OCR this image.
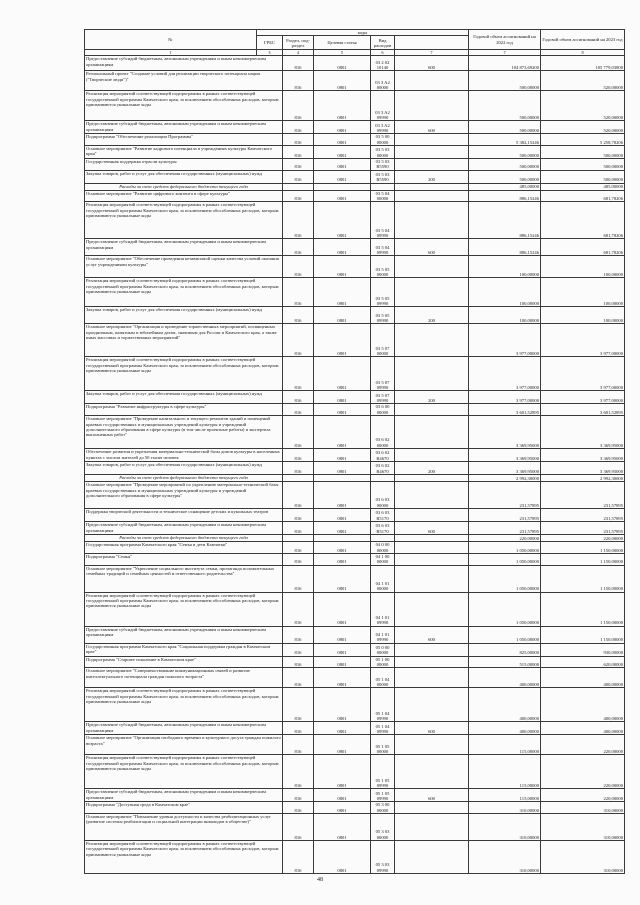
№	коды					Годовой объем ассигнований на 2022 год	Годовой объем ассигнований на 2023 год
	ГРБС	Раздел, под-раздел	Целевая статья	Вид расходов			
1	3	4	5	6	7	7	8
Предоставление субсидий бюджетным, автономным учреждениям и иным некоммерческим организациям		816	0801	03 2 02 10140	600	104 873,69200	105 779,03800
Региональный проект "Создание условий для реализации творческого потенциала нации ("Творческие люди")"		816	0801	03 3 A2 00000		500,00000	520,00000
Реализация мероприятий соответствующей подпрограммы в рамках соответствующей государственной программы Камчатского края, за исключением обособленных расходов, которым присваиваются уникальные коды		816	0801	03 3 A2 09990		500,00000	520,00000
Предоставление субсидий бюджетным, автономным учреждениям и иным некоммерческим организациям		816	0801	03 3 A2 09990	600	500,00000	520,00000
Подпрограмма "Обеспечение реализации Программы"		816	0801	03 5 00 00000		5 382,15246	5 258,78206
Основное мероприятие "Развитие кадрового потенциала в учреждениях культуры Камчатского края"		816	0801	03 5 03 00000		500,00000	500,00000
Государственная поддержка отрасли культуры		816	0801	03 5 03 R5590		500,00000	500,00000
Закупка товаров, работ и услуг для обеспечения государственных (муниципальных) нужд		816	0801	03 5 03 R5590	200	500,00000	500,00000
Расходы за счет средств федерального бюджета текущего года						485,00000	485,00000
Основное мероприятие "Развитие цифрового контента в сфере культуры"		816	0801	03 5 04 00000		886,15246	681,78206
Реализация мероприятий соответствующей подпрограммы в рамках соответствующей государственной программы Камчатского края, за исключением обособленных расходов, которым присваиваются уникальные коды		816	0801	03 5 04 09990		886,15246	681,78206
Предоставление субсидий бюджетным, автономным учреждениям и иным некоммерческим организациям		816	0801	03 5 04 09990	600	886,15246	681,78206
Основное мероприятие "Обеспечение проведения независимой оценки качества условий оказания услуг учреждениями культуры"		816	0801	03 5 05 00000		100,00000	100,00000
Реализация мероприятий соответствующей подпрограммы в рамках соответствующей государственной программы Камчатского края, за исключением обособленных расходов, которым присваиваются уникальные коды		816	0801	03 5 05 09990		100,00000	100,00000
Закупка товаров, работ и услуг для обеспечения государственных (муниципальных) нужд		816	0801	03 5 05 09990	200	100,00000	100,00000
Основное мероприятие "Организация и проведение торжественных мероприятий, посвященных праздничным, памятным и юбилейным датам, значимым для России и Камчатского края, а также иных массовых и торжественных мероприятий"		816	0801	03 5 07 00000		3 977,00000	3 977,00000
Реализация мероприятий соответствующей подпрограммы в рамках соответствующей государственной программы Камчатского края, за исключением обособленных расходов, которым присваиваются уникальные коды		816	0801	03 5 07 09990		3 977,00000	3 977,00000
Закупка товаров, работ и услуг для обеспечения государственных (муниципальных) нужд		816	0801	03 5 07 09990	200	3 977,00000	3 977,00000
Подпрограмма "Развитие инфраструктуры в сфере культуры"		816	0801	03 6 00 00000		3 601,52895	3 601,52895
Основное мероприятие "Проведение капитального и текущего ремонтов зданий и помещений краевых государственных и муниципальных учреждений культуры и учреждений дополнительного образования в сфере культуры (в том числе проектные работы) и экспертиза выполненных работ"		816	0801	03 6 02 00000		3 369,95000	3 369,95000
Обеспечение развития и укрепления материально-технической базы домов культуры в населенных пунктах с числом жителей до 50 тысяч человек		816	0801	03 6 02 R4670		3 369,95000	3 369,95000
Закупка товаров, работ и услуг для обеспечения государственных (муниципальных) нужд		816	0801	03 6 02 R4670	200	3 369,95000	3 369,95000
Расходы за счет средств федерального бюджета текущего года						2 992,30000	2 992,30000
Основное мероприятие "Проведение мероприятий по укреплению материально-технической базы краевых государственных и муниципальных учреждений культуры и учреждений дополнительного образования в сфере культуры"		816	0801	03 6 03 00000		231,57895	231,57895
Поддержка творческой деятельности и техническое оснащение детских и кукольных театров		816	0801	03 6 03 R5170		231,57895	231,57895
Предоставление субсидий бюджетным, автономным учреждениям и иным некоммерческим организациям		816	0801	03 6 03 R5170	600	231,57895	231,57895
Расходы за счет средств федерального бюджета текущего года						220,00000	220,00000
Государственная программа Камчатского края "Семья и дети Камчатки"		816	0801	04 0 00 00000		1 050,00000	1 150,00000
Подпрограмма "Семья"		816	0801	04 1 00 00000		1 050,00000	1 150,00000
Основное мероприятие "Укрепление социального института семьи, пропаганда положительных семейных традиций и семейных ценностей и ответственного родительства"		816	0801	04 1 01 00000		1 050,00000	1 150,00000
Реализация мероприятий соответствующей подпрограммы в рамках соответствующей государственной программы Камчатского края, за исключением обособленных расходов, которым присваиваются уникальные коды		816	0801	04 1 01 09990		1 050,00000	1 150,00000
Предоставление субсидий бюджетным, автономным учреждениям и иным некоммерческим организациям		816	0801	04 1 01 09990	600	1 050,00000	1 150,00000
Государственная программа Камчатского края "Социальная поддержка граждан в Камчатском крае"		816	0801	05 0 00 00000		825,00000	930,00000
Подпрограмма "Старшее поколение в Камчатском крае"		816	0801	05 1 00 00000		515,00000	620,00000
Основное мероприятие "Совершенствование коммуникационных связей и развитие интеллектуального потенциала граждан пожилого возраста"		816	0801	05 1 04 00000		400,00000	400,00000
Реализация мероприятий соответствующей подпрограммы в рамках соответствующей государственной программы Камчатского края, за исключением обособленных расходов, которым присваиваются уникальные коды		816	0801	05 1 04 09990		400,00000	400,00000
Предоставление субсидий бюджетным, автономным учреждениям и иным некоммерческим организациям		816	0801	05 1 04 09990	600	400,00000	400,00000
Основное мероприятие "Организация свободного времени и культурного досуга граждан пожилого возраста"		816	0801	05 1 05 00000		115,00000	220,00000
Реализация мероприятий соответствующей подпрограммы в рамках соответствующей государственной программы Камчатского края, за исключением обособленных расходов, которым присваиваются уникальные коды		816	0801	05 1 05 09990		115,00000	220,00000
Предоставление субсидий бюджетным, автономным учреждениям и иным некоммерческим организациям		816	0801	05 1 05 09990	600	115,00000	220,00000
Подпрограмма "Доступная среда в Камчатском крае"		816	0801	05 3 00 00000		310,00000	310,00000
Основное мероприятие "Повышение уровня доступности и качества реабилитационных услуг (развитие системы реабилитации и социальной интеграции инвалидов в обществе)"		816	0801	05 3 03 00000		310,00000	310,00000
Реализация мероприятий соответствующей подпрограммы в рамках соответствующей государственной программы Камчатского края, за исключением обособленных расходов, которым присваиваются уникальные коды		816	0801	05 3 03 09990		310,00000	310,00000
48
